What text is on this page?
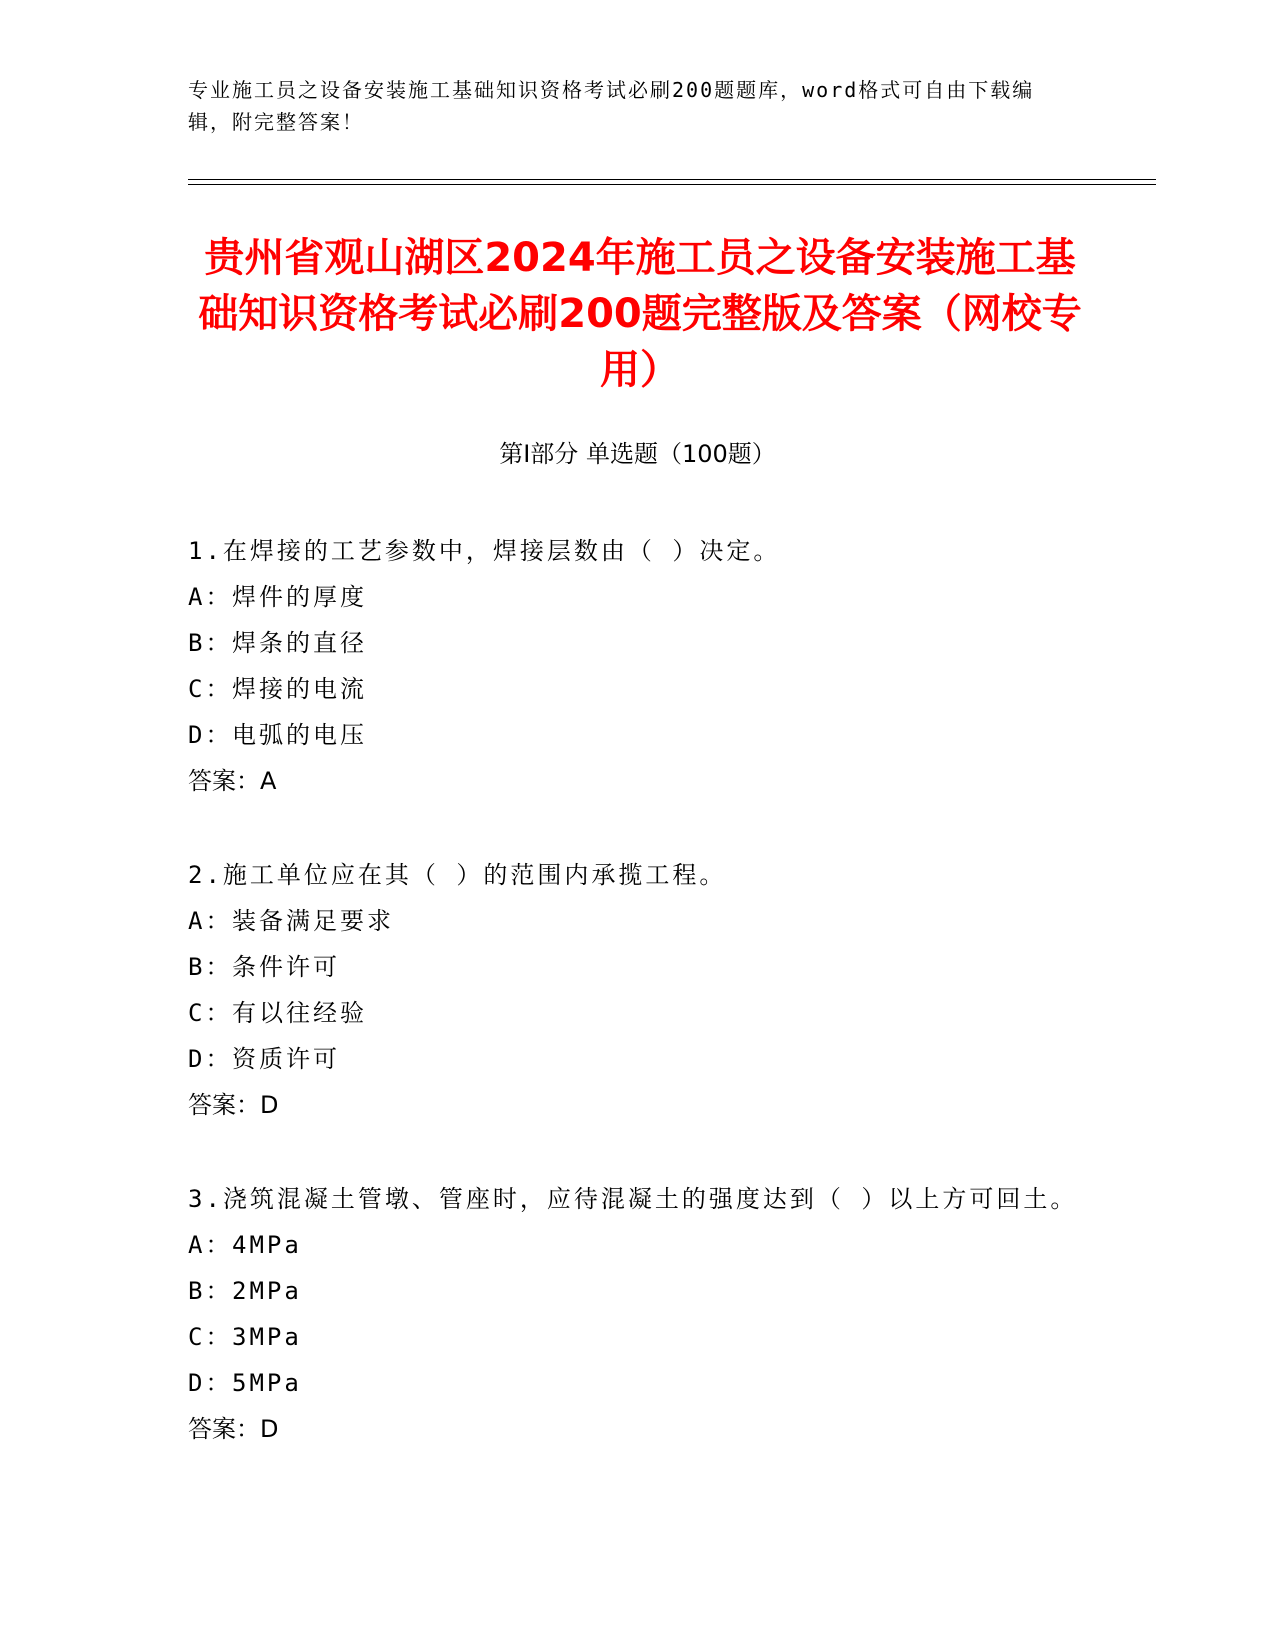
专业施工员之设备安装施工基础知识资格考试必刷200题题库，word格式可自由下载编辑，附完整答案！
贵州省观山湖区2024年施工员之设备安装施工基础知识资格考试必刷200题完整版及答案（网校专用）
第I部分 单选题（100题）
1.在焊接的工艺参数中，焊接层数由（ ）决定。
A：焊件的厚度
B：焊条的直径
C：焊接的电流
D：电弧的电压
答案：A
2.施工单位应在其（ ）的范围内承揽工程。
A：装备满足要求
B：条件许可
C：有以往经验
D：资质许可
答案：D
3.浇筑混凝土管墩、管座时，应待混凝土的强度达到（ ）以上方可回土。
A：4MPa
B：2MPa
C：3MPa
D：5MPa
答案：D
